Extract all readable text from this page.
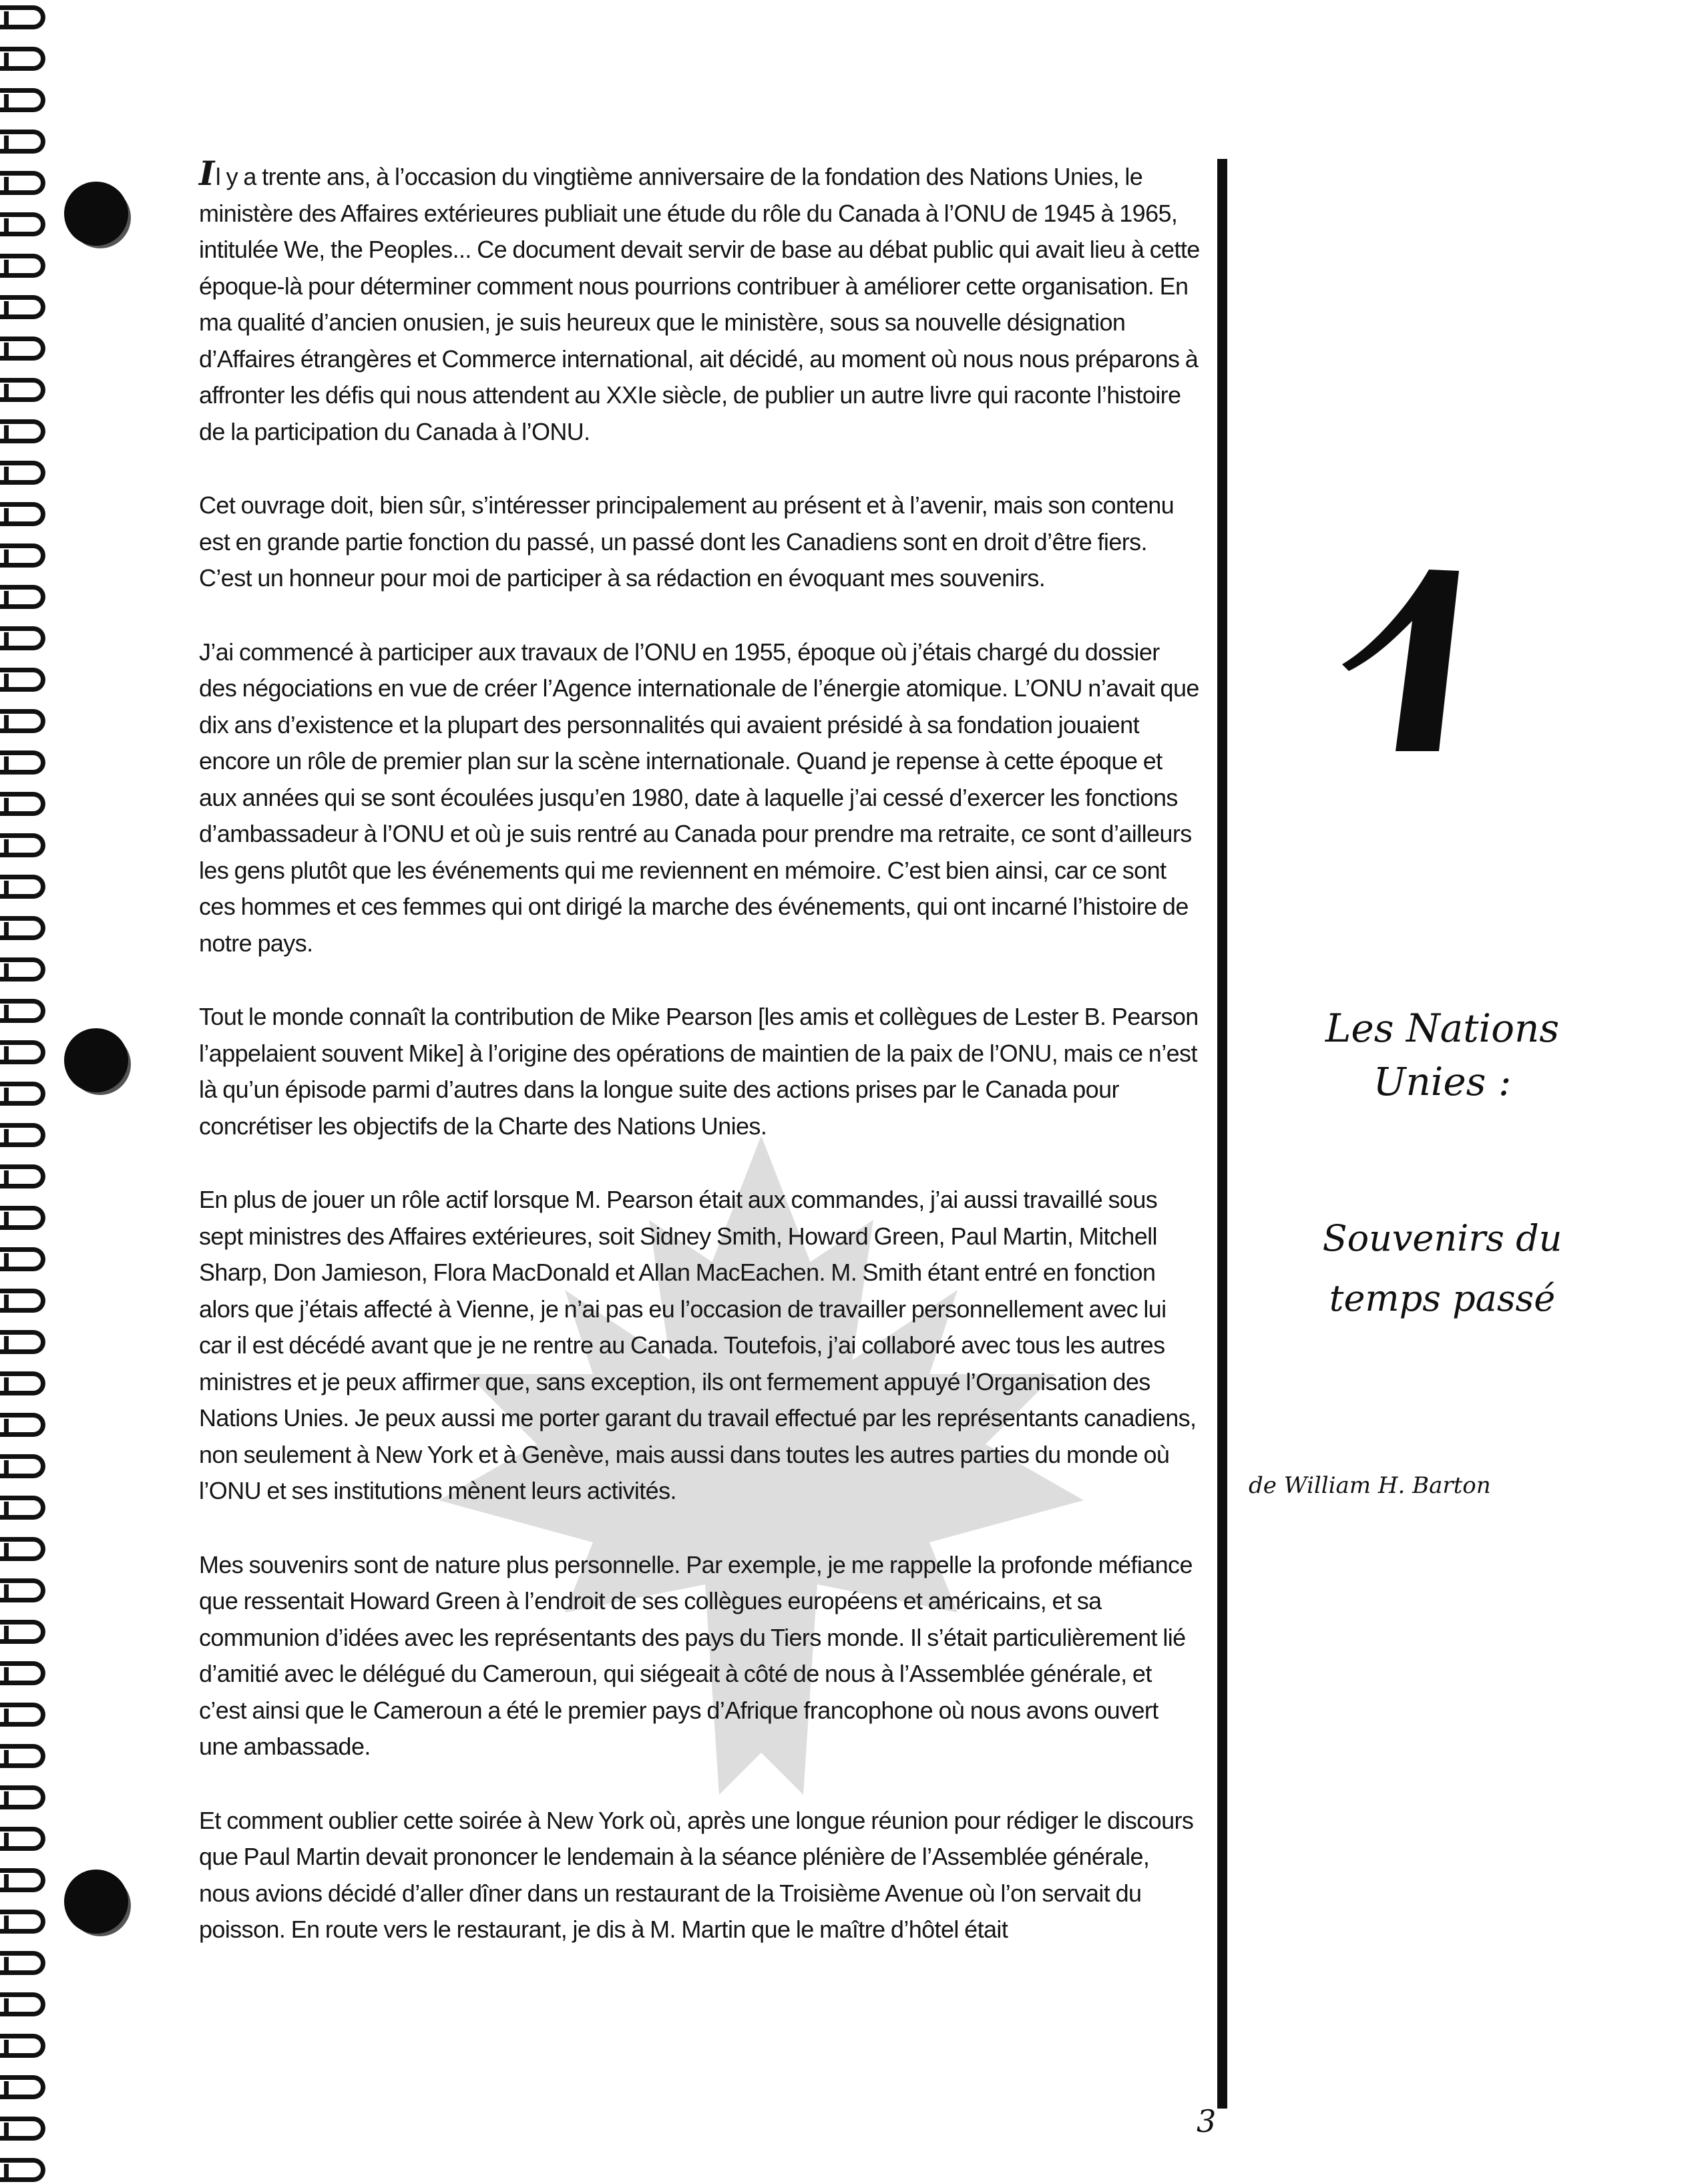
Il y a trente ans, à l’occasion du vingtième anniversaire de la fondation des Nations Unies, le ministère des Affaires extérieures publiait une étude du rôle du Canada à l’ONU de 1945 à 1965, intitulée We, the Peoples... Ce document devait servir de base au débat public qui avait lieu à cette époque-là pour déterminer comment nous pourrions contribuer à améliorer cette organisation. En ma qualité d’ancien onusien, je suis heureux que le ministère, sous sa nouvelle désignation d’Affaires étrangères et Commerce international, ait décidé, au moment où nous nous préparons à affronter les défis qui nous attendent au XXIe siècle, de publier un autre livre qui raconte l’histoire de la participation du Canada à l’ONU.

Cet ouvrage doit, bien sûr, s’intéresser principalement au présent et à l’avenir, mais son contenu est en grande partie fonction du passé, un passé dont les Canadiens sont en droit d’être fiers. C’est un honneur pour moi de participer à sa rédaction en évoquant mes souvenirs.

J’ai commencé à participer aux travaux de l’ONU en 1955, époque où j’étais chargé du dossier des négociations en vue de créer l’Agence internationale de l’énergie atomique. L’ONU n’avait que dix ans d’existence et la plupart des personnalités qui avaient présidé à sa fondation jouaient encore un rôle de premier plan sur la scène internationale. Quand je repense à cette époque et aux années qui se sont écoulées jusqu’en 1980, date à laquelle j’ai cessé d’exercer les fonctions d’ambassadeur à l’ONU et où je suis rentré au Canada pour prendre ma retraite, ce sont d’ailleurs les gens plutôt que les événements qui me reviennent en mémoire. C’est bien ainsi, car ce sont ces hommes et ces femmes qui ont dirigé la marche des événements, qui ont incarné l’histoire de notre pays.

Tout le monde connaît la contribution de Mike Pearson [les amis et collègues de Lester B. Pearson l’appelaient souvent Mike] à l’origine des opérations de maintien de la paix de l’ONU, mais ce n’est là qu’un épisode parmi d’autres dans la longue suite des actions prises par le Canada pour concrétiser les objectifs de la Charte des Nations Unies.

En plus de jouer un rôle actif lorsque M. Pearson était aux commandes, j’ai aussi travaillé sous sept ministres des Affaires extérieures, soit Sidney Smith, Howard Green, Paul Martin, Mitchell Sharp, Don Jamieson, Flora MacDonald et Allan MacEachen. M. Smith étant entré en fonction alors que j’étais affecté à Vienne, je n’ai pas eu l’occasion de travailler personnellement avec lui car il est décédé avant que je ne rentre au Canada. Toutefois, j’ai collaboré avec tous les autres ministres et je peux affirmer que, sans exception, ils ont fermement appuyé l’Organisation des Nations Unies. Je peux aussi me porter garant du travail effectué par les représentants canadiens, non seulement à New York et à Genève, mais aussi dans toutes les autres parties du monde où l’ONU et ses institutions mènent leurs activités.

Mes souvenirs sont de nature plus personnelle. Par exemple, je me rappelle la profonde méfiance que ressentait Howard Green à l’endroit de ses collègues européens et américains, et sa communion d’idées avec les représentants des pays du Tiers monde. Il s’était particulièrement lié d’amitié avec le délégué du Cameroun, qui siégeait à côté de nous à l’Assemblée générale, et c’est ainsi que le Cameroun a été le premier pays d’Afrique francophone où nous avons ouvert une ambassade.

Et comment oublier cette soirée à New York où, après une longue réunion pour rédiger le discours que Paul Martin devait prononcer le lendemain à la séance plénière de l’Assemblée générale, nous avions décidé d’aller dîner dans un restaurant de la Troisième Avenue où l’on servait du poisson. En route vers le restaurant, je dis à M. Martin que le maître d’hôtel était

1
Les Nations
Unies :
Souvenirs du
temps passé
de William H. Barton
3
